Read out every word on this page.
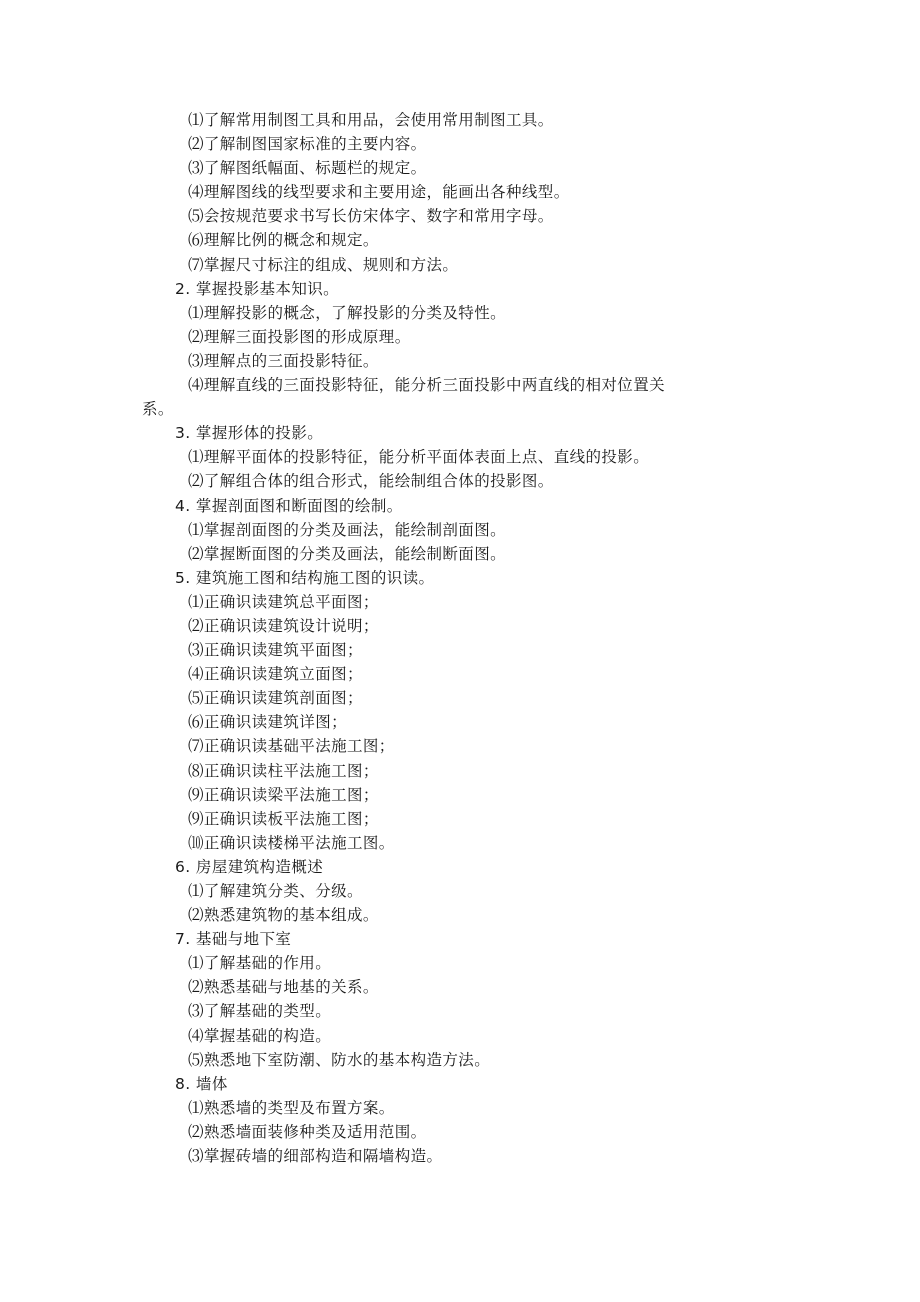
⑴了解常用制图工具和用品，会使用常用制图工具。
⑵了解制图国家标准的主要内容。
⑶了解图纸幅面、标题栏的规定。
⑷理解图线的线型要求和主要用途，能画出各种线型。
⑸会按规范要求书写长仿宋体字、数字和常用字母。
⑹理解比例的概念和规定。
⑺掌握尺寸标注的组成、规则和方法。
2. 掌握投影基本知识。
⑴理解投影的概念，了解投影的分类及特性。
⑵理解三面投影图的形成原理。
⑶理解点的三面投影特征。
⑷理解直线的三面投影特征，能分析三面投影中两直线的相对位置关
系。
3. 掌握形体的投影。
⑴理解平面体的投影特征，能分析平面体表面上点、直线的投影。
⑵了解组合体的组合形式，能绘制组合体的投影图。
4. 掌握剖面图和断面图的绘制。
⑴掌握剖面图的分类及画法，能绘制剖面图。
⑵掌握断面图的分类及画法，能绘制断面图。
5. 建筑施工图和结构施工图的识读。
⑴正确识读建筑总平面图；
⑵正确识读建筑设计说明；
⑶正确识读建筑平面图；
⑷正确识读建筑立面图；
⑸正确识读建筑剖面图；
⑹正确识读建筑详图；
⑺正确识读基础平法施工图；
⑻正确识读柱平法施工图；
⑼正确识读梁平法施工图；
⑼正确识读板平法施工图；
⑽正确识读楼梯平法施工图。
6. 房屋建筑构造概述
⑴了解建筑分类、分级。
⑵熟悉建筑物的基本组成。
7. 基础与地下室
⑴了解基础的作用。
⑵熟悉基础与地基的关系。
⑶了解基础的类型。
⑷掌握基础的构造。
⑸熟悉地下室防潮、防水的基本构造方法。
8. 墙体
⑴熟悉墙的类型及布置方案。
⑵熟悉墙面装修种类及适用范围。
⑶掌握砖墙的细部构造和隔墙构造。
